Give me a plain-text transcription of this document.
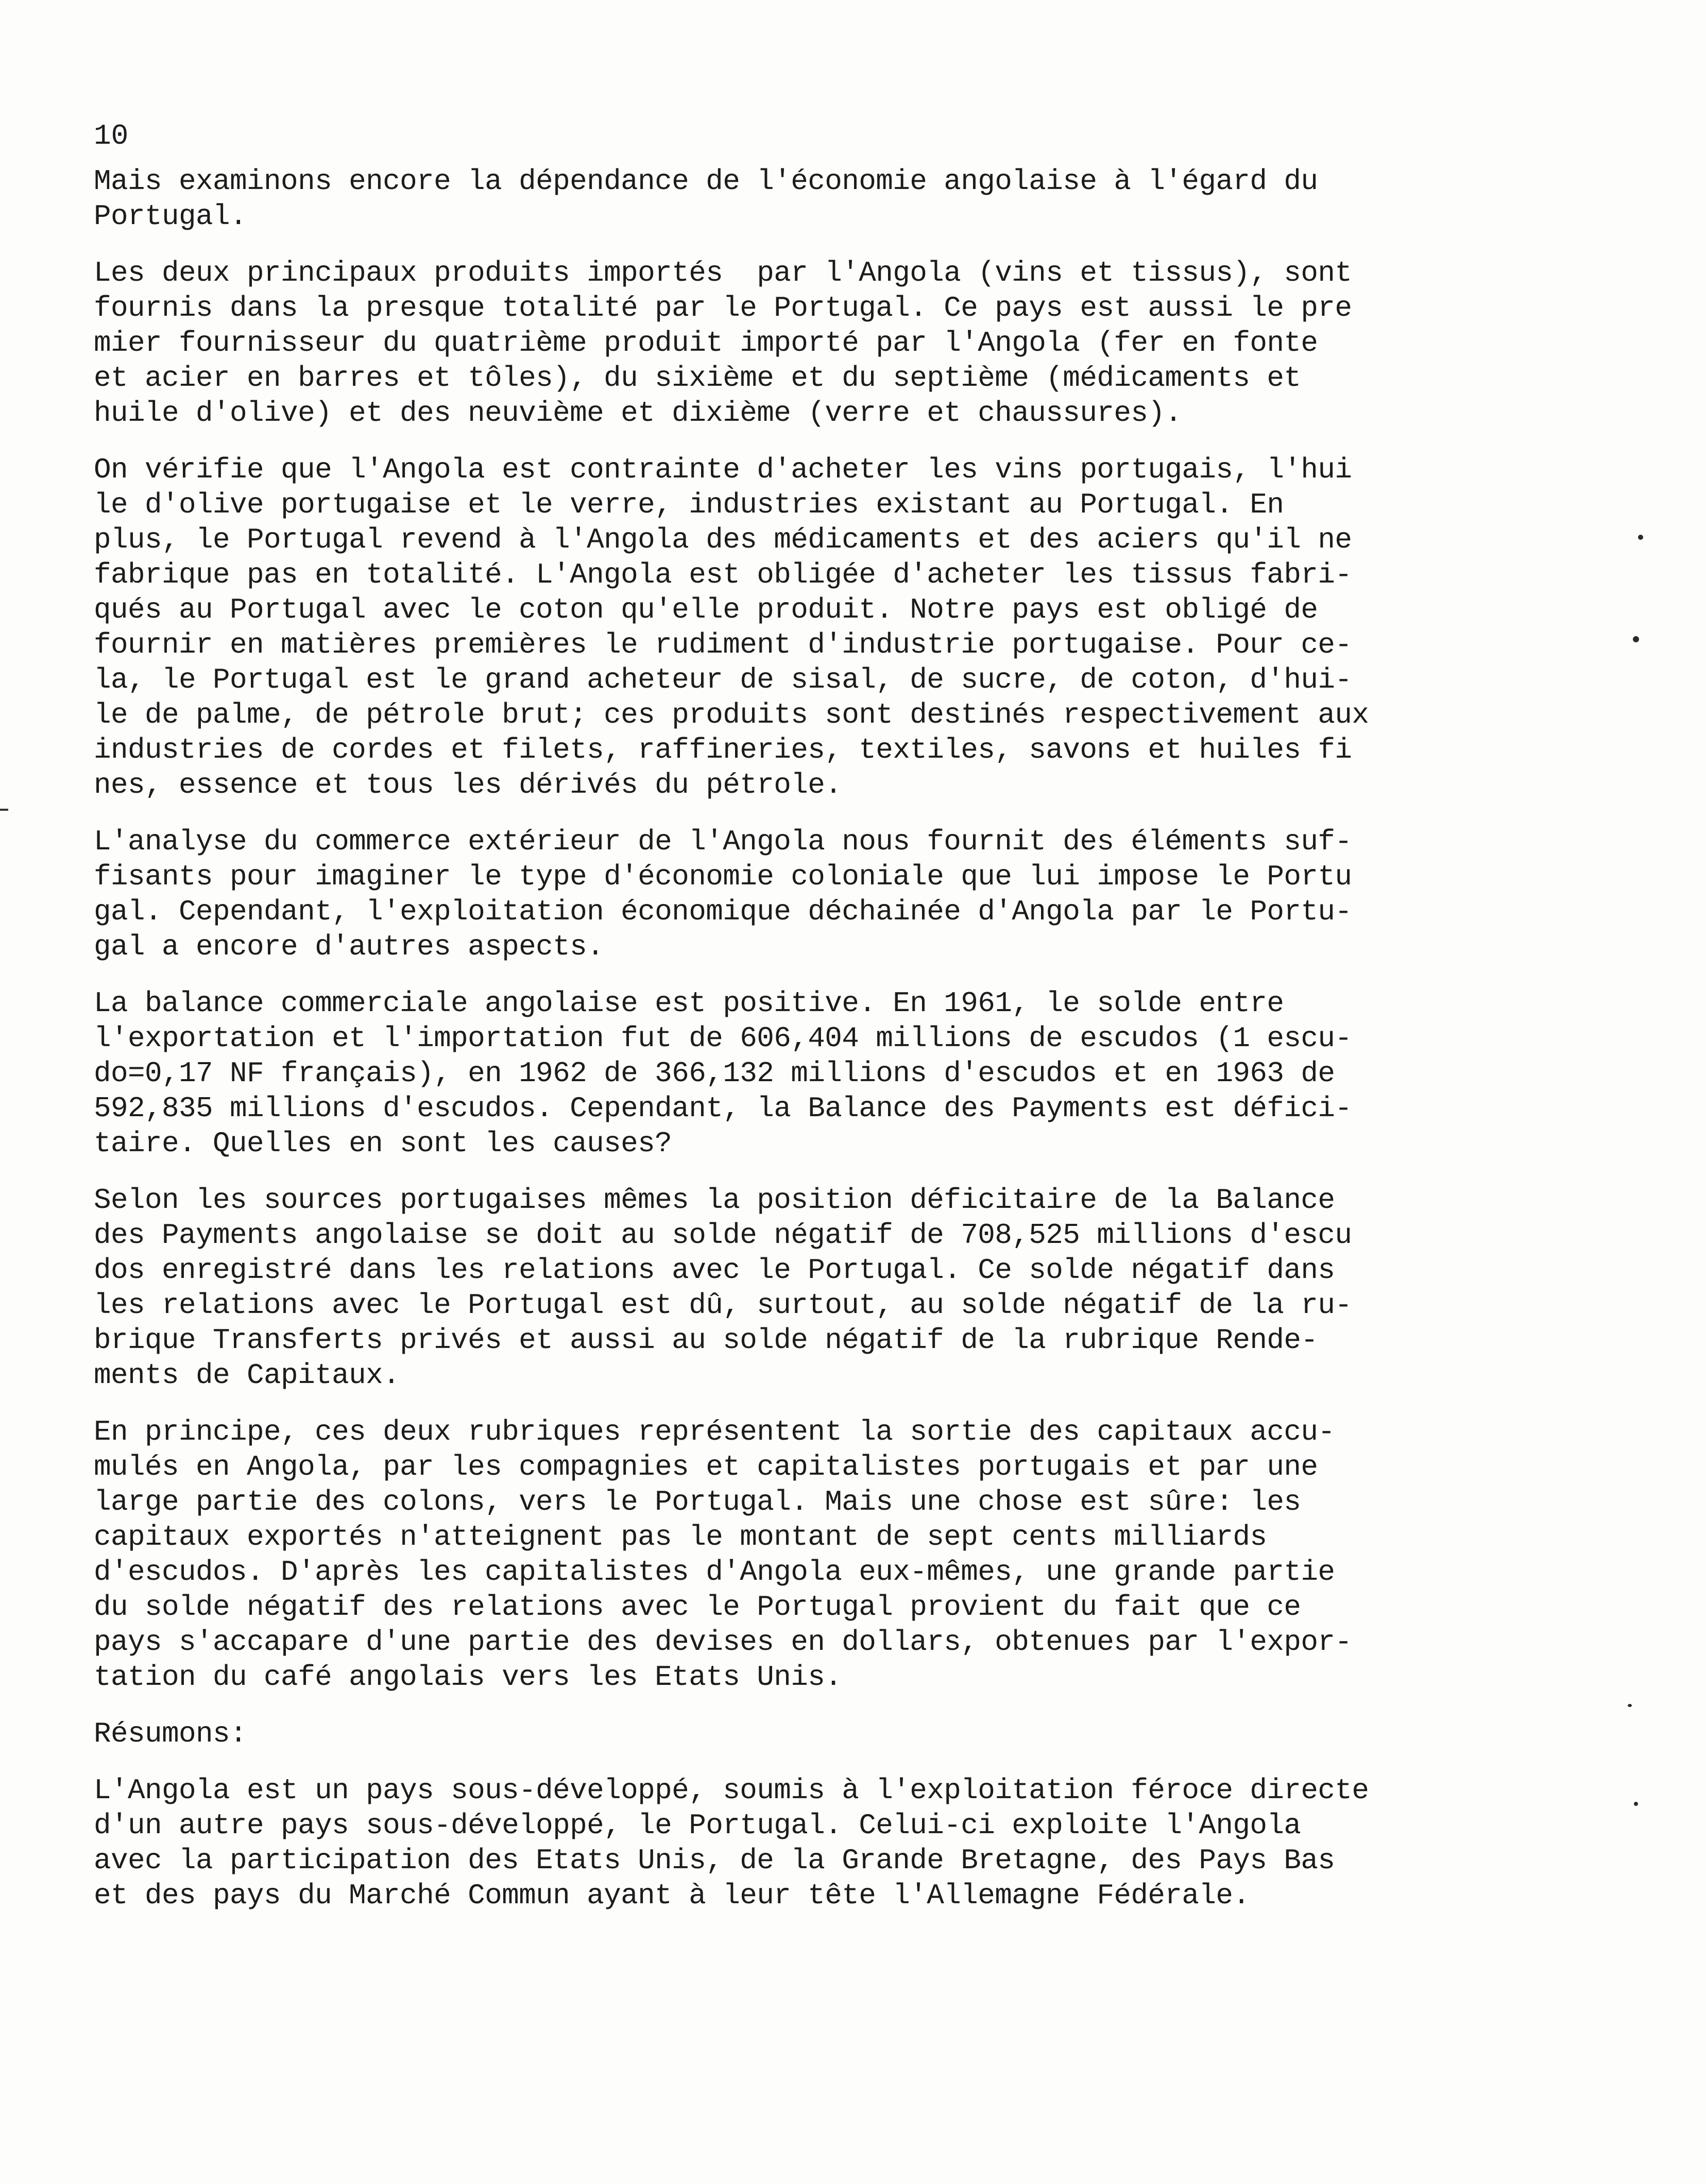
10

Mais examinons encore la dépendance de l'économie angolaise à l'égard du
Portugal.
Les deux principaux produits importés  par l'Angola (vins et tissus), sont
fournis dans la presque totalité par le Portugal. Ce pays est aussi le pre
mier fournisseur du quatrième produit importé par l'Angola (fer en fonte
et acier en barres et tôles), du sixième et du septième (médicaments et
huile d'olive) et des neuvième et dixième (verre et chaussures).
On vérifie que l'Angola est contrainte d'acheter les vins portugais, l'hui
le d'olive portugaise et le verre, industries existant au Portugal. En
plus, le Portugal revend à l'Angola des médicaments et des aciers qu'il ne
fabrique pas en totalité. L'Angola est obligée d'acheter les tissus fabri-
qués au Portugal avec le coton qu'elle produit. Notre pays est obligé de
fournir en matières premières le rudiment d'industrie portugaise. Pour ce-
la, le Portugal est le grand acheteur de sisal, de sucre, de coton, d'hui-
le de palme, de pétrole brut; ces produits sont destinés respectivement aux
industries de cordes et filets, raffineries, textiles, savons et huiles fi
nes, essence et tous les dérivés du pétrole.
L'analyse du commerce extérieur de l'Angola nous fournit des éléments suf-
fisants pour imaginer le type d'économie coloniale que lui impose le Portu
gal. Cependant, l'exploitation économique déchainée d'Angola par le Portu-
gal a encore d'autres aspects.
La balance commerciale angolaise est positive. En 1961, le solde entre
l'exportation et l'importation fut de 606,404 millions de escudos (1 escu-
do=0,17 NF français), en 1962 de 366,132 millions d'escudos et en 1963 de
592,835 millions d'escudos. Cependant, la Balance des Payments est défici-
taire. Quelles en sont les causes?
Selon les sources portugaises mêmes la position déficitaire de la Balance
des Payments angolaise se doit au solde négatif de 708,525 millions d'escu
dos enregistré dans les relations avec le Portugal. Ce solde négatif dans
les relations avec le Portugal est dû, surtout, au solde négatif de la ru-
brique Transferts privés et aussi au solde négatif de la rubrique Rende-
ments de Capitaux.
En principe, ces deux rubriques représentent la sortie des capitaux accu-
mulés en Angola, par les compagnies et capitalistes portugais et par une
large partie des colons, vers le Portugal. Mais une chose est sûre: les
capitaux exportés n'atteignent pas le montant de sept cents milliards
d'escudos. D'après les capitalistes d'Angola eux-mêmes, une grande partie
du solde négatif des relations avec le Portugal provient du fait que ce
pays s'accapare d'une partie des devises en dollars, obtenues par l'expor-
tation du café angolais vers les Etats Unis.
Résumons:
L'Angola est un pays sous-développé, soumis à l'exploitation féroce directe
d'un autre pays sous-développé, le Portugal. Celui-ci exploite l'Angola
avec la participation des Etats Unis, de la Grande Bretagne, des Pays Bas
et des pays du Marché Commun ayant à leur tête l'Allemagne Fédérale.
